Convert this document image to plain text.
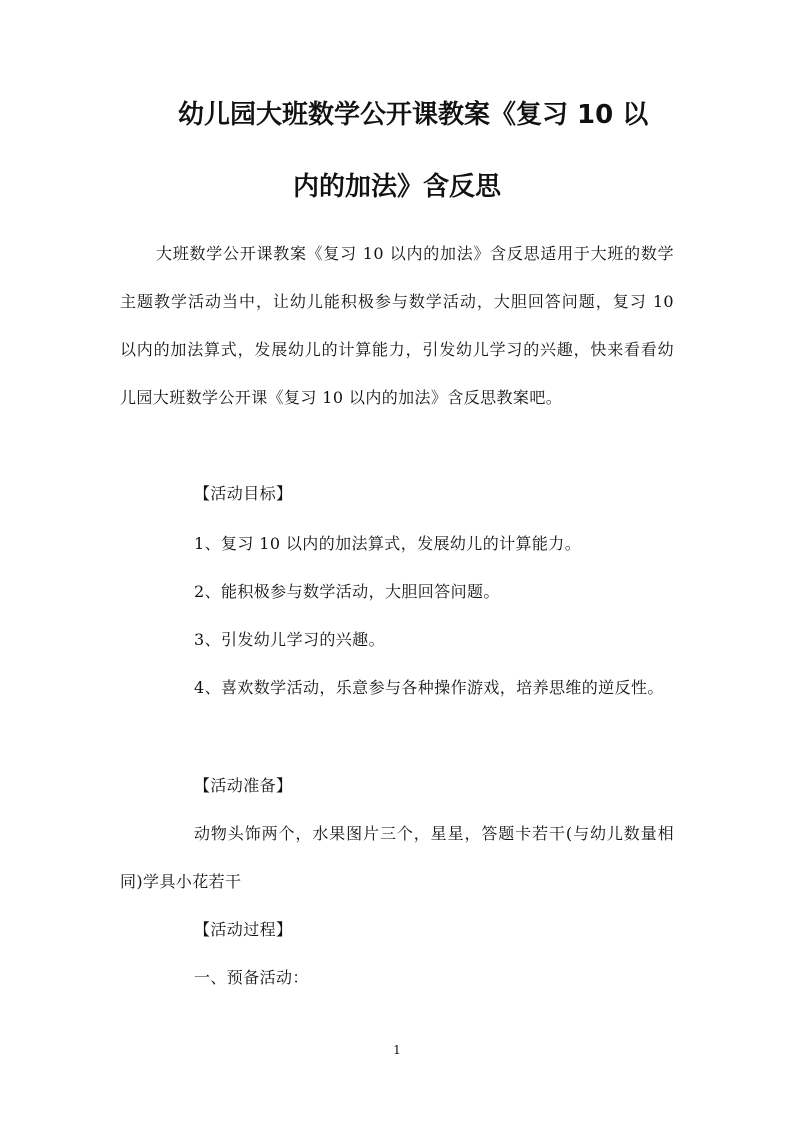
幼儿园大班数学公开课教案《复习 10 以
内的加法》含反思

大班数学公开课教案《复习 10 以内的加法》含反思适用于大班的数学主题教学活动当中，让幼儿能积极参与数学活动，大胆回答问题，复习 10 以内的加法算式，发展幼儿的计算能力，引发幼儿学习的兴趣，快来看看幼儿园大班数学公开课《复习 10 以内的加法》含反思教案吧。

【活动目标】

1、复习 10 以内的加法算式，发展幼儿的计算能力。

2、能积极参与数学活动，大胆回答问题。

3、引发幼儿学习的兴趣。

4、喜欢数学活动，乐意参与各种操作游戏，培养思维的逆反性。

【活动准备】

动物头饰两个，水果图片三个，星星，答题卡若干(与幼儿数量相同)学具小花若干

【活动过程】

一、预备活动：

1
